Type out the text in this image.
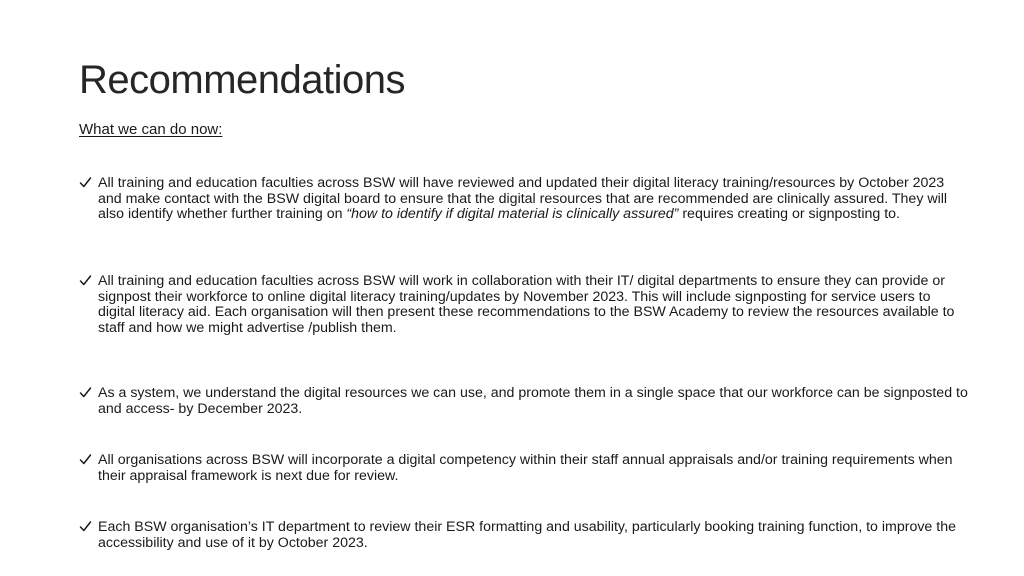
Recommendations
What we can do now:
All training and education faculties across BSW will have reviewed and updated their digital literacy training/resources by October 2023 and make contact with the BSW digital board to ensure that the digital resources that are recommended are clinically assured. They will also identify whether further training on “how to identify if digital material is clinically assured” requires creating or signposting to.
All training and education faculties across BSW will work in collaboration with their IT/ digital departments to ensure they can provide or signpost their workforce to online digital literacy training/updates by November 2023. This will include signposting for service users to digital literacy aid. Each organisation will then present these recommendations to the BSW Academy to review the resources available to staff and how we might advertise /publish them.
As a system, we understand the digital resources we can use, and promote them in a single space that our workforce can be signposted to and access- by December 2023.
All organisations across BSW will incorporate a digital competency within their staff annual appraisals and/or training requirements when their appraisal framework is next due for review.
Each BSW organisation’s IT department to review their ESR formatting and usability, particularly booking training function, to improve the accessibility and use of it by October 2023.
